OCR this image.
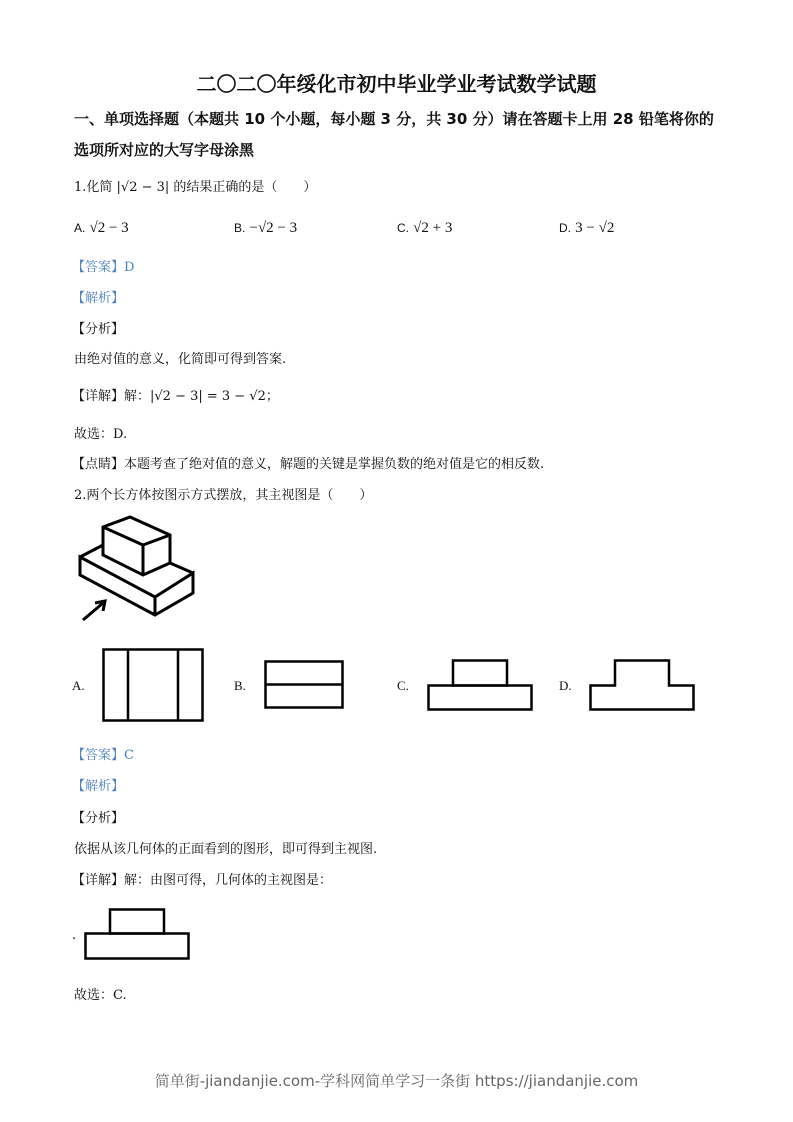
二〇二〇年绥化市初中毕业学业考试数学试题
一、单项选择题（本题共 10 个小题，每小题 3 分，共 30 分）请在答题卡上用 28 铅笔将你的
选项所对应的大写字母涂黑
1.化简 |√2 − 3| 的结果正确的是（　　）
A. √2 − 3	B. −√2 − 3	C. √2 + 3	D. 3 − √2
【答案】D
【解析】
【分析】
由绝对值的意义，化简即可得到答案.
【详解】解：|√2 − 3| = 3 − √2；
故选：D.
【点睛】本题考查了绝对值的意义，解题的关键是掌握负数的绝对值是它的相反数.
2.两个长方体按图示方式摆放，其主视图是（　　）
A.	B.	C.	D.
【答案】C
【解析】
【分析】
依据从该几何体的正面看到的图形，即可得到主视图.
【详解】解：由图可得，几何体的主视图是：
.
故选：C.
简单街-jiandanjie.com-学科网简单学习一条街 https://jiandanjie.com
